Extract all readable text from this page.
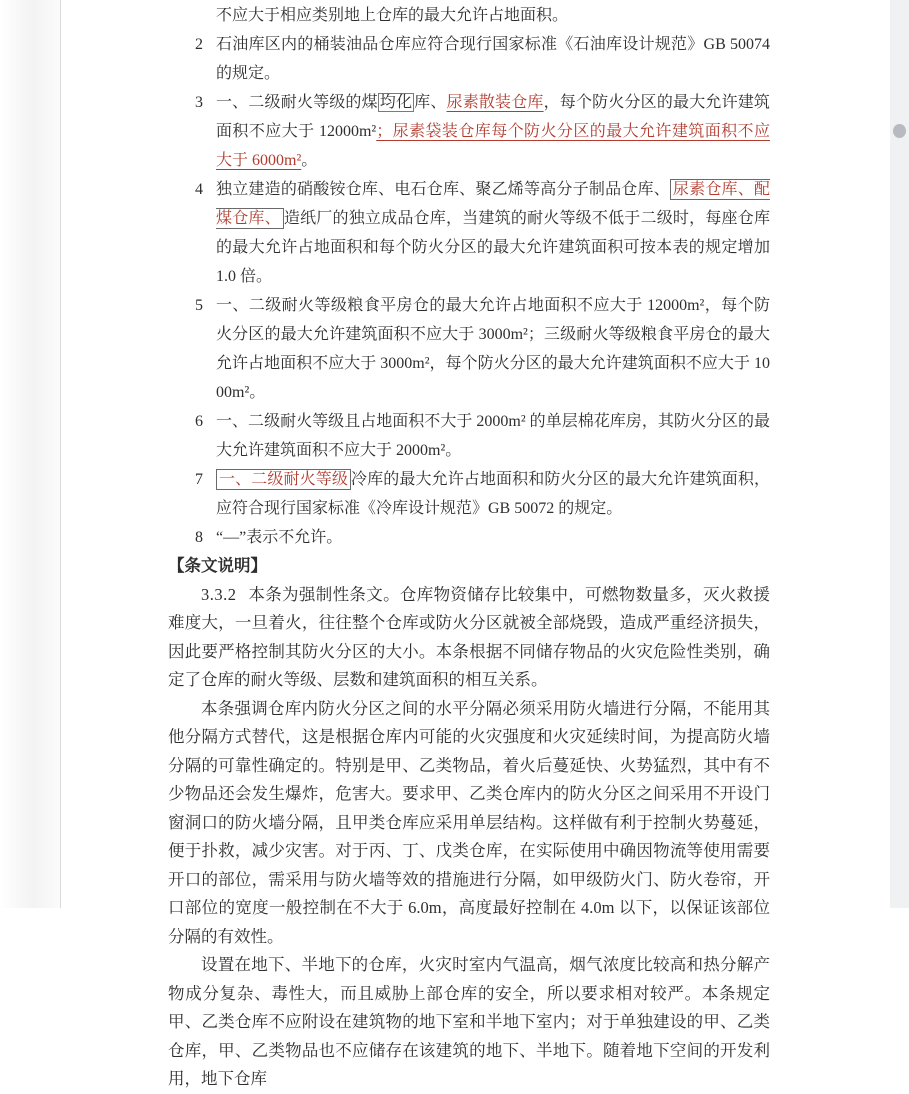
不应大于相应类别地上仓库的最大允许占地面积。
2 石油库区内的桶装油品仓库应符合现行国家标准《石油库设计规范》GB 50074 的规定。
3 一、二级耐火等级的煤 均化 库、尿素散装仓库，每个防火分区的最大允许建筑面积不应大于 12000m²；尿素袋装仓库每个防火分区的最大允许建筑面积不应大于 6000m²。
4 独立建造的硝酸铵仓库、电石仓库、聚乙烯等高分子制品仓库、 尿素仓库、配煤仓库、 造纸厂的独立成品仓库，当建筑的耐火等级不低于二级时，每座仓库的最大允许占地面积和每个防火分区的最大允许建筑面积可按本表的规定增加 1.0 倍。
5 一、二级耐火等级粮食平房仓的最大允许占地面积不应大于 12000m²，每个防火分区的最大允许建筑面积不应大于 3000m²；三级耐火等级粮食平房仓的最大允许占地面积不应大于 3000m²，每个防火分区的最大允许建筑面积不应大于 1000m²。
6 一、二级耐火等级且占地面积不大于 2000m² 的单层棉花库房，其防火分区的最大允许建筑面积不应大于 2000m²。
7 一、二级耐火等级 冷库的最大允许占地面积和防火分区的最大允许建筑面积，应符合现行国家标准《冷库设计规范》GB 50072 的规定。
8 “—”表示不允许。
【条文说明】

3.3.2 本条为强制性条文。仓库物资储存比较集中，可燃物数量多，灭火救援难度大，一旦着火，往往整个仓库或防火分区就被全部烧毁，造成严重经济损失，因此要严格控制其防火分区的大小。本条根据不同储存物品的火灾危险性类别，确定了仓库的耐火等级、层数和建筑面积的相互关系。

本条强调仓库内防火分区之间的水平分隔必须采用防火墙进行分隔，不能用其他分隔方式替代，这是根据仓库内可能的火灾强度和火灾延续时间，为提高防火墙分隔的可靠性确定的。特别是甲、乙类物品，着火后蔓延快、火势猛烈，其中有不少物品还会发生爆炸，危害大。要求甲、乙类仓库内的防火分区之间采用不开设门窗洞口的防火墙分隔，且甲类仓库应采用单层结构。这样做有利于控制火势蔓延，便于扑救，减少灾害。对于丙、丁、戊类仓库，在实际使用中确因物流等使用需要开口的部位，需采用与防火墙等效的措施进行分隔，如甲级防火门、防火卷帘，开口部位的宽度一般控制在不大于 6.0m，高度最好控制在 4.0m 以下，以保证该部位分隔的有效性。

设置在地下、半地下的仓库，火灾时室内气温高，烟气浓度比较高和热分解产物成分复杂、毒性大，而且威胁上部仓库的安全，所以要求相对较严。本条规定甲、乙类仓库不应附设在建筑物的地下室和半地下室内；对于单独建设的甲、乙类仓库，甲、乙类物品也不应储存在该建筑的地下、半地下。随着地下空间的开发利用，地下仓库
